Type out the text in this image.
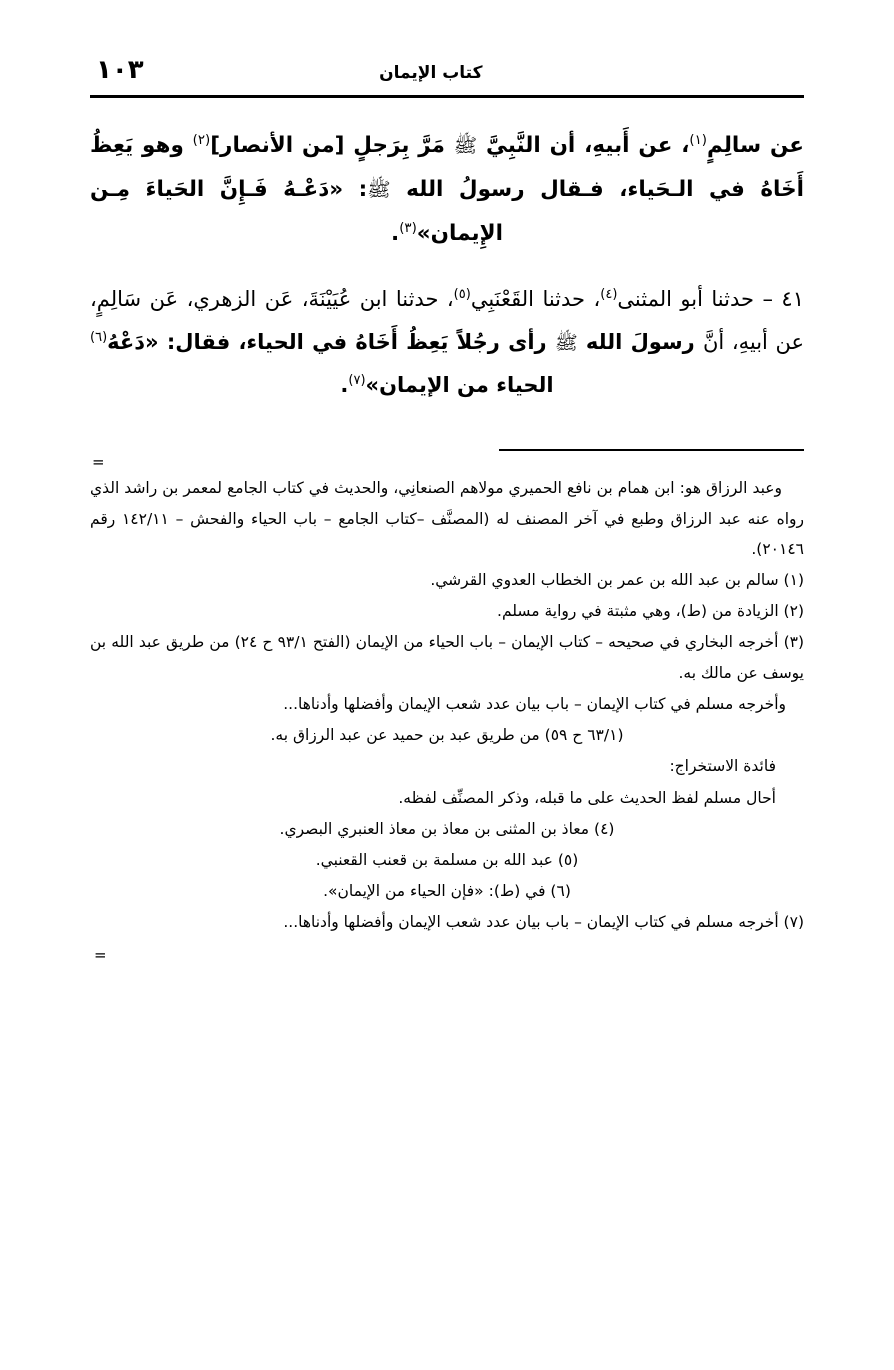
١٠٣	كتاب الإيمان

عن سالِمٍ$^{(١)}$، عن أَبيهِ، أن النَّبِيَّ ﷺ مَرَّ بِرَجلٍ [من الأنصار]$^{(٢)}$ وهو يَعِظُ أَخَاهُ في الـحَياء، فـقال رسولُ الله ﷺ: «دَعْـهُ فَـإِنَّ الحَياءَ مِـن الإِيمان»$^{(٣)}$.

٤١ – حدثنا أبو المثنى$^{(٤)}$، حدثنا القَعْنَبِي$^{(٥)}$، حدثنا ابن عُيَيْنَةَ، عَن الزهري، عَن سَالِمٍ، عن أبيهِ، أنَّ رسولَ الله ﷺ رأى رجُلاً يَعِظُ أَخَاهُ في الحياء، فقال: «دَعْهُ$^{(٦)}$ الحياء من الإيمان»$^{(٧)}$.

=

وعبد الرزاق هو: ابن همام بن نافع الحميري مولاهم الصنعانِي، والحديث في كتاب الجامع لمعمر بن راشد الذي رواه عنه عبد الرزاق وطبع في آخر المصنف له (المصنَّف –كتاب الجامع – باب الحياء والفحش – ١٤٢/١١ رقم ٢٠١٤٦).

(١) سالم بن عبد الله بن عمر بن الخطاب العدوي القرشي.

(٢) الزيادة من (ط)، وهي مثبتة في رواية مسلم.

(٣) أخرجه البخاري في صحيحه – كتاب الإيمان – باب الحياء من الإيمان (الفتح ٩٣/١ ح ٢٤) من طريق عبد الله بن يوسف عن مالك به.

وأخرجه مسلم في كتاب الإيمان – باب بيان عدد شعب الإيمان وأفضلها وأدناها...

(٦٣/١ ح ٥٩) من طريق عبد بن حميد عن عبد الرزاق به.

فائدة الاستخراج:

أحال مسلم لفظ الحديث على ما قبله، وذكر المصنِّف لفظه.

(٤) معاذ بن المثنى بن معاذ بن معاذ العنبري البصري.

(٥) عبد الله بن مسلمة بن قعنب القعنبي.

(٦) في (ط): «فإن الحياء من الإيمان».

(٧) أخرجه مسلم في كتاب الإيمان – باب بيان عدد شعب الإيمان وأفضلها وأدناها...

=
